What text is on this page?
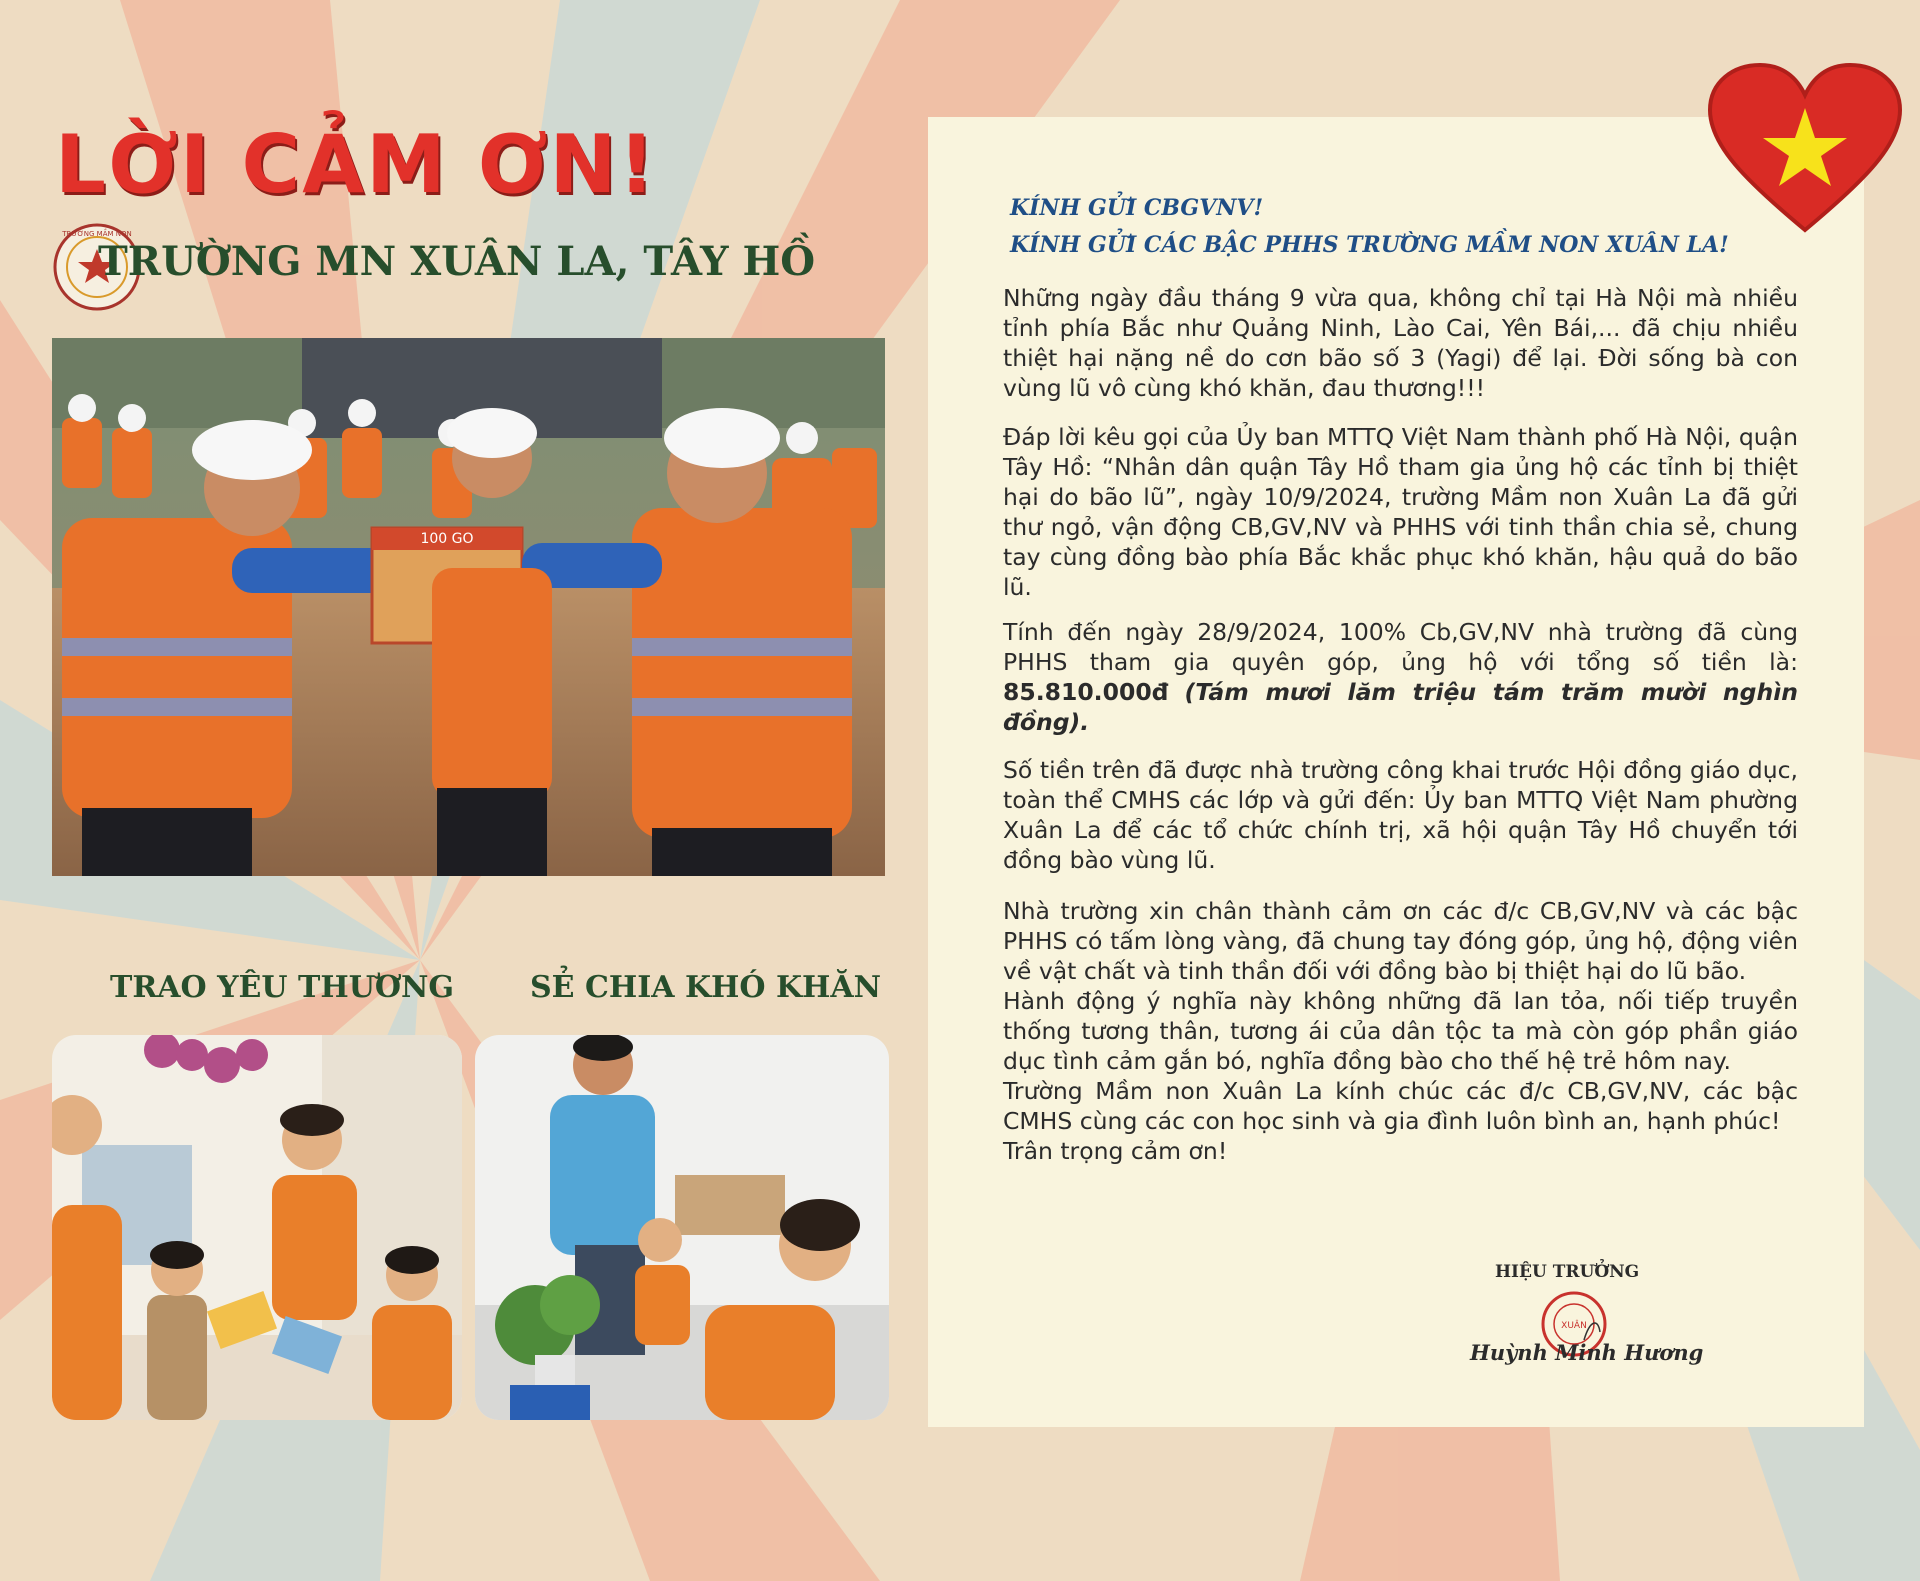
LỜI CẢM ƠN!
TRƯỜNG MẦM NON
TRƯỜNG MN XUÂN LA, TÂY HỒ
100 GO
TRAO YÊU THƯƠNG	SẺ CHIA KHÓ KHĂN
KÍNH GỬI CBGVNV!
KÍNH GỬI CÁC BẬC PHHS TRƯỜNG MẦM NON XUÂN LA!
Những ngày đầu tháng 9 vừa qua, không chỉ tại Hà Nội mà nhiều tỉnh phía Bắc như Quảng Ninh, Lào Cai, Yên Bái,... đã chịu nhiều thiệt hại nặng nề do cơn bão số 3 (Yagi) để lại. Đời sống bà con vùng lũ vô cùng khó khăn, đau thương!!!
Đáp lời kêu gọi của Ủy ban MTTQ Việt Nam thành phố Hà Nội, quận Tây Hồ: “Nhân dân quận Tây Hồ tham gia ủng hộ các tỉnh bị thiệt hại do bão lũ”, ngày 10/9/2024, trường Mầm non Xuân La đã gửi thư ngỏ, vận động CB,GV,NV và PHHS với tinh thần chia sẻ, chung tay cùng đồng bào phía Bắc khắc phục khó khăn, hậu quả do bão lũ.
Tính đến ngày 28/9/2024, 100% Cb,GV,NV nhà trường đã cùng PHHS tham gia quyên góp, ủng hộ với tổng số tiền là: 85.810.000đ (Tám mươi lăm triệu tám trăm mười nghìn đồng).
Số tiền trên đã được nhà trường công khai trước Hội đồng giáo dục, toàn thể CMHS các lớp và gửi đến: Ủy ban MTTQ Việt Nam phường Xuân La để các tổ chức chính trị, xã hội quận Tây Hồ chuyển tới đồng bào vùng lũ.
Nhà trường xin chân thành cảm ơn các đ/c CB,GV,NV và các bậc PHHS có tấm lòng vàng, đã chung tay đóng góp, ủng hộ, động viên về vật chất và tinh thần đối với đồng bào bị thiệt hại do lũ bão.
Hành động ý nghĩa này không những đã lan tỏa, nối tiếp truyền thống tương thân, tương ái của dân tộc ta mà còn góp phần giáo dục tình cảm gắn bó, nghĩa đồng bào cho thế hệ trẻ hôm nay.
Trường Mầm non Xuân La kính chúc các đ/c CB,GV,NV, các bậc CMHS cùng các con học sinh và gia đình luôn bình an, hạnh phúc!
Trân trọng cảm ơn!
HIỆU TRƯỞNG
XUÂN
Huỳnh Minh Hương
